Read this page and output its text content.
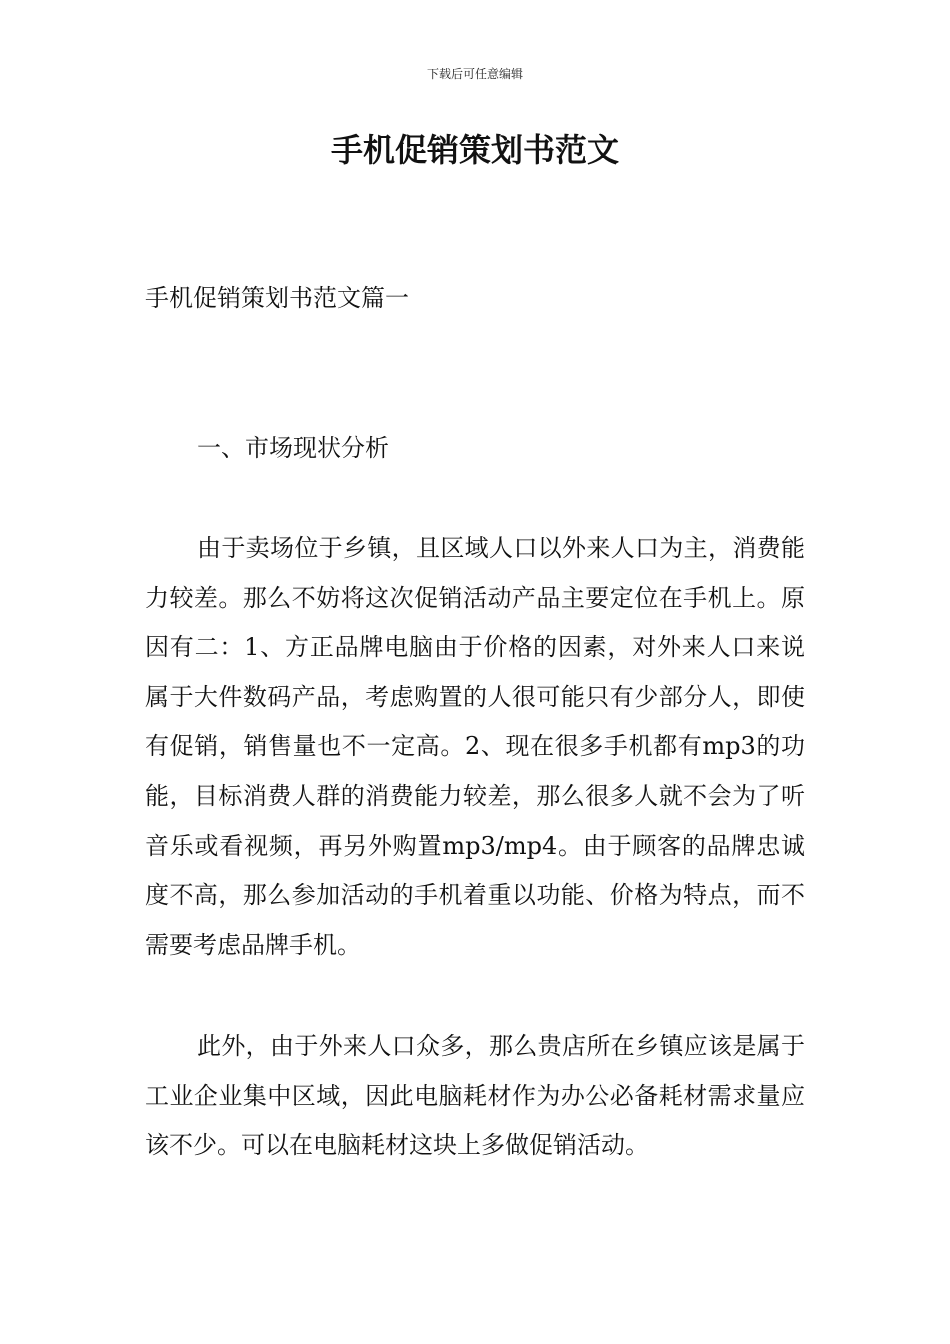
下载后可任意编辑
手机促销策划书范文
手机促销策划书范文篇一
一、市场现状分析

由于卖场位于乡镇，且区域人口以外来人口为主，消费能力较差。那么不妨将这次促销活动产品主要定位在手机上。原因有二：1、方正品牌电脑由于价格的因素，对外来人口来说属于大件数码产品，考虑购置的人很可能只有少部分人，即使有促销，销售量也不一定高。2、现在很多手机都有mp3的功能，目标消费人群的消费能力较差，那么很多人就不会为了听音乐或看视频，再另外购置mp3/mp4。由于顾客的品牌忠诚度不高，那么参加活动的手机着重以功能、价格为特点，而不需要考虑品牌手机。

此外，由于外来人口众多，那么贵店所在乡镇应该是属于工业企业集中区域，因此电脑耗材作为办公必备耗材需求量应该不少。可以在电脑耗材这块上多做促销活动。
